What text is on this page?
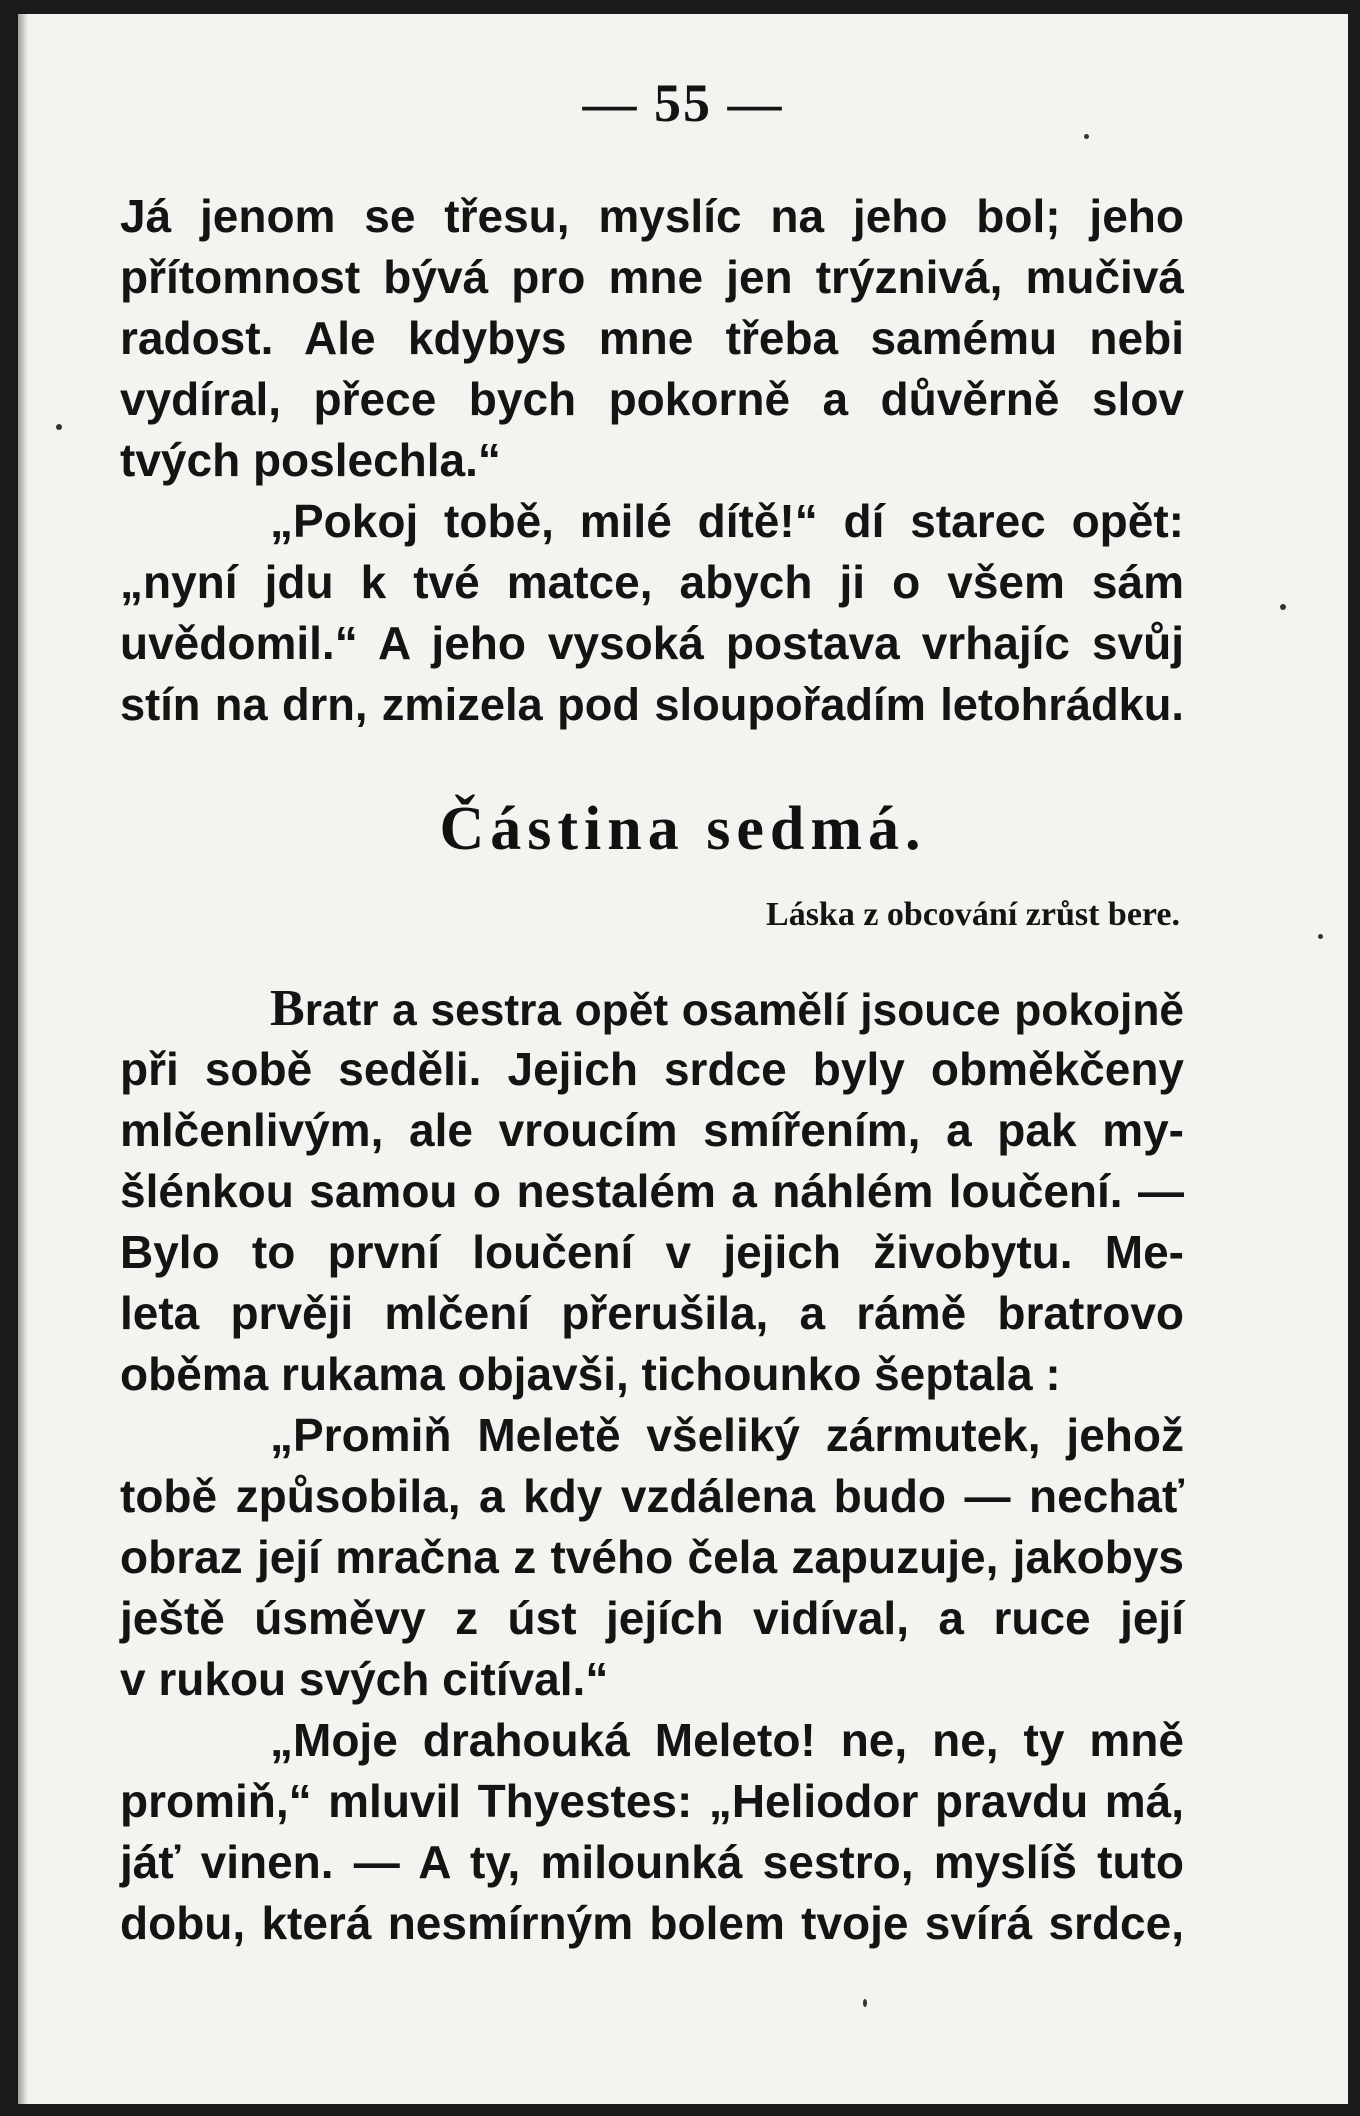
— 55 —
Já jenom se třesu, myslíc na jeho bol; jeho
přítomnost bývá pro mne jen trýznivá, mučivá
radost. Ale kdybys mne třeba samému nebi
vydíral, přece bych pokorně a důvěrně slov
tvých poslechla.“
„Pokoj tobě, milé dítě!“ dí starec opět:
„nyní jdu k tvé matce, abych ji o všem sám
uvědomil.“ A jeho vysoká postava vrhajíc svůj
stín na drn, zmizela pod sloupořadím letohrádku.
Částina sedmá.
Láska z obcování zrůst bere.
Bratr a sestra opět osamělí jsouce pokojně
při sobě seděli. Jejich srdce byly obměkčeny
mlčenlivým, ale vroucím smířením, a pak my-
šlénkou samou o nestalém a náhlém loučení. —
Bylo to první loučení v jejich živobytu. Me-
leta prvěji mlčení přerušila, a rámě bratrovo
oběma rukama objavši, tichounko šeptala :
„Promiň Meletě všeliký zármutek, jehož
tobě způsobila, a kdy vzdálena budo — nechať
obraz její mračna z tvého čela zapuzuje, jakobys
ještě úsměvy z úst jejích vidíval, a ruce její
v rukou svých citíval.“
„Moje drahouká Meleto! ne, ne, ty mně
promiň,“ mluvil Thyestes: „Heliodor pravdu má,
jáť vinen. — A ty, milounká sestro, myslíš tuto
dobu, která nesmírným bolem tvoje svírá srdce,
